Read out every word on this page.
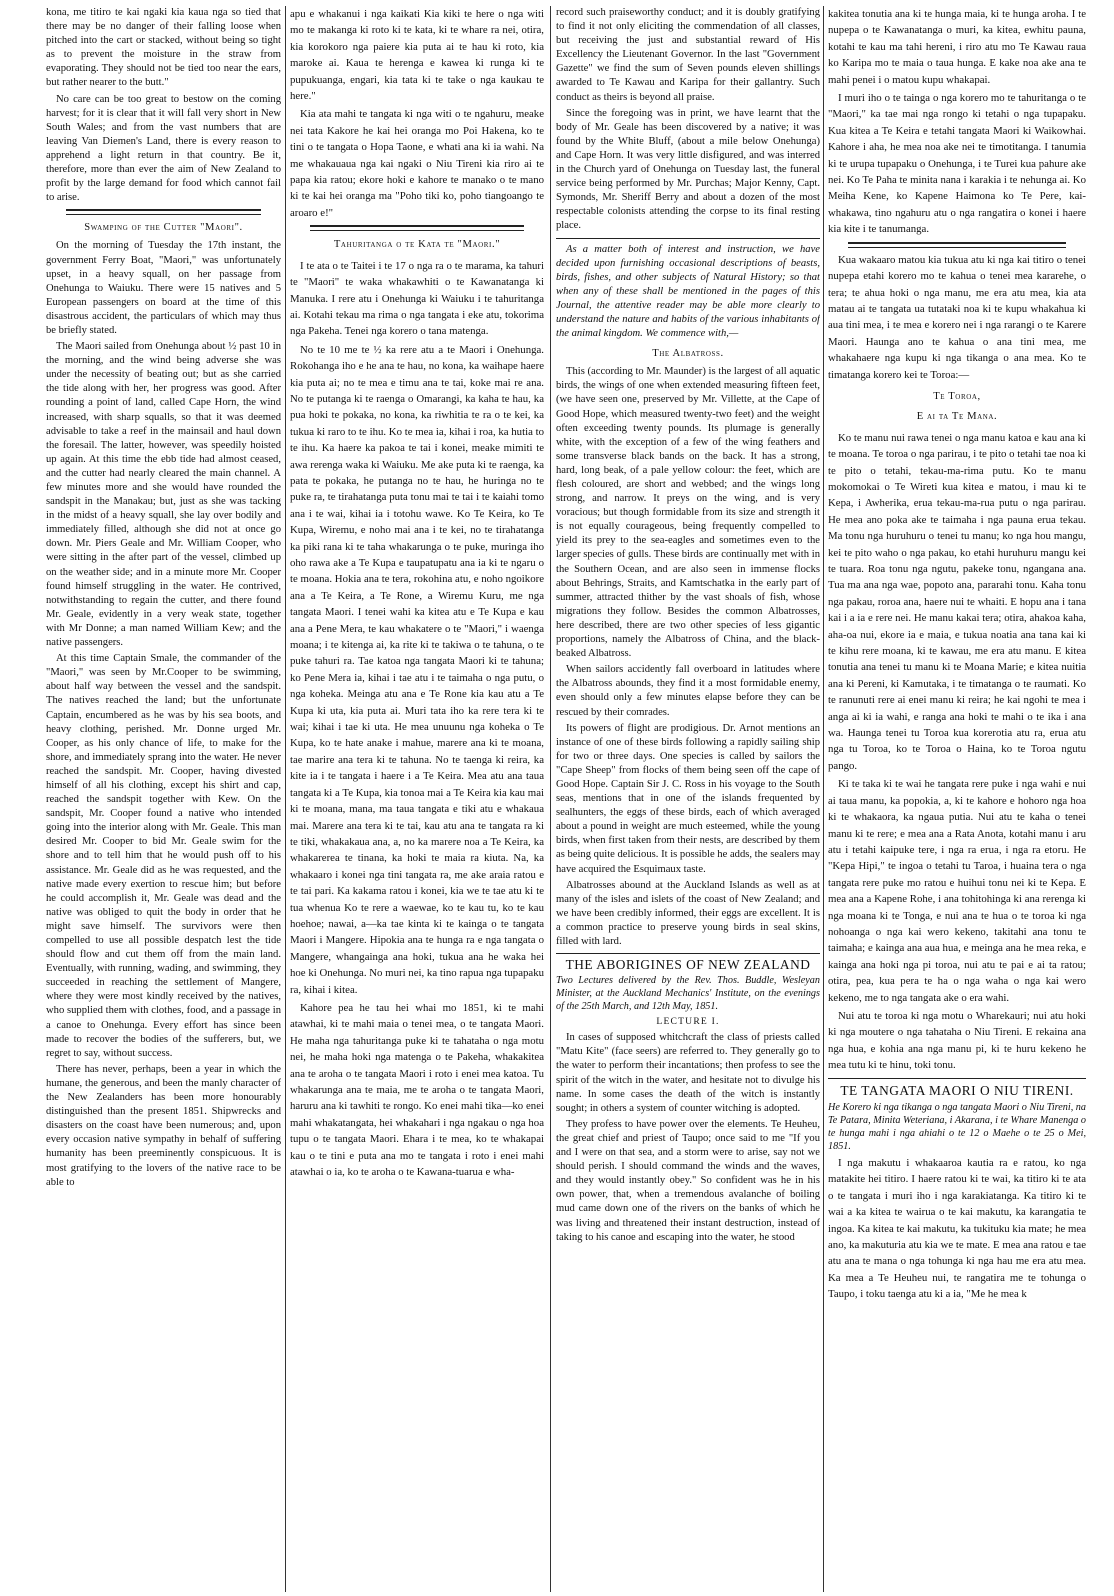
kona, me titiro te kai ngaki kia kaua nga so tied that there may be no danger of their falling loose when pitched into the cart or stacked, without being so tight as to prevent the moisture in the straw from evaporating. They should not be tied too near the ears, but rather nearer to the butt."

No care can be too great to bestow on the coming harvest; for it is clear that it will fall very short in New South Wales; and from the vast numbers that are leaving Van Diemen's Land, there is every reason to apprehend a light return in that country. Be it, therefore, more than ever the aim of New Zealand to profit by the large demand for food which cannot fail to arise.

Swamping of the Cutter "Maori".

On the morning of Tuesday the 17th instant, the government Ferry Boat, "Maori," was unfortunately upset, in a heavy squall, on her passage from Onehunga to Waiuku. There were 15 natives and 5 European passengers on board at the time of this disastrous accident, the particulars of which may thus be briefly stated.

The Maori sailed from Onehunga about ½ past 10 in the morning, and the wind being adverse she was under the necessity of beating out; but as she carried the tide along with her, her progress was good. After rounding a point of land, called Cape Horn, the wind increased, with sharp squalls, so that it was deemed advisable to take a reef in the mainsail and haul down the foresail. The latter, however, was speedily hoisted up again. At this time the ebb tide had almost ceased, and the cutter had nearly cleared the main channel. A few minutes more and she would have rounded the sandspit in the Manakau; but, just as she was tacking in the midst of a heavy squall, she lay over bodily and immediately filled, although she did not at once go down. Mr. Piers Geale and Mr. William Cooper, who were sitting in the after part of the vessel, climbed up on the weather side; and in a minute more Mr. Cooper found himself struggling in the water. He contrived, notwithstanding to regain the cutter, and there found Mr. Geale, evidently in a very weak state, together with Mr Donne; a man named William Kew; and the native passengers.

At this time Captain Smale, the commander of the "Maori," was seen by Mr.Cooper to be swimming, about half way between the vessel and the sandspit. The natives reached the land; but the unfortunate Captain, encumbered as he was by his sea boots, and heavy clothing, perished. Mr. Donne urged Mr. Cooper, as his only chance of life, to make for the shore, and immediately sprang into the water. He never reached the sandspit. Mr. Cooper, having divested himself of all his clothing, except his shirt and cap, reached the sandspit together with Kew. On the sandspit, Mr. Cooper found a native who intended going into the interior along with Mr. Geale. This man desired Mr. Cooper to bid Mr. Geale swim for the shore and to tell him that he would push off to his assistance. Mr. Geale did as he was requested, and the native made every exertion to rescue him; but before he could accomplish it, Mr. Geale was dead and the native was obliged to quit the body in order that he might save himself. The survivors were then compelled to use all possible despatch lest the tide should flow and cut them off from the main land. Eventually, with running, wading, and swimming, they succeeded in reaching the settlement of Mangere, where they were most kindly received by the natives, who supplied them with clothes, food, and a passage in a canoe to Onehunga. Every effort has since been made to recover the bodies of the sufferers, but, we regret to say, without success.

There has never, perhaps, been a year in which the humane, the generous, and been the manly character of the New Zealanders has been more honourably distinguished than the present 1851. Shipwrecks and disasters on the coast have been numerous; and, upon every occasion native sympathy in behalf of suffering humanity has been preeminently conspicuous. It is most gratifying to the lovers of the native race to be able to

apu e whakanui i nga kaikati Kia kiki te here o nga witi mo te makanga ki roto ki te kata, ki te whare ra nei, otira, kia korokoro nga paiere kia puta ai te hau ki roto, kia maroke ai. Kaua te herenga e kawea ki runga ki te pupukuanga, engari, kia tata ki te take o nga kaukau te here."

Kia ata mahi te tangata ki nga witi o te ngahuru, meake nei tata Kakore he kai hei oranga mo Poi Hakena, ko te tini o te tangata o Hopa Taone, e whati ana ki ia wahi. Na me whakauaua nga kai ngaki o Niu Tireni kia riro ai te papa kia ratou; ekore hoki e kahore te manako o te mano ki te kai hei oranga ma "Poho tiki ko, poho tiangoango te aroaro e!"

Tahuritanga o te Kata te "Maori."

I te ata o te Taitei i te 17 o nga ra o te marama, ka tahuri te "Maori" te waka whakawhiti o te Kawanatanga ki Manuka. I rere atu i Onehunga ki Waiuku i te tahuritanga ai. Kotahi tekau ma rima o nga tangata i eke atu, tokorima nga Pakeha. Tenei nga korero o tana matenga.

No te 10 me te ½ ka rere atu a te Maori i Onehunga. Rokohanga iho e he ana te hau, no kona, ka waihape haere kia puta ai; no te mea e timu ana te tai, koke mai re ana. No te putanga ki te raenga o Omarangi, ka kaha te hau, ka pua hoki te pokaka, no kona, ka riwhitia te ra o te kei, ka tukua ki raro to te ihu. Ko te mea ia, kihai i roa, ka hutia to te ihu. Ka haere ka pakoa te tai i konei, meake mimiti te awa rerenga waka ki Waiuku. Me ake puta ki te raenga, ka pata te pokaka, he putanga no te hau, he huringa no te puke ra, te tirahatanga puta tonu mai te tai i te kaiahi tomo ana i te wai, kihai ia i totohu wawe. Ko Te Keira, ko Te Kupa, Wiremu, e noho mai ana i te kei, no te tirahatanga ka piki rana ki te taha whakarunga o te puke, muringa iho oho rawa ake a Te Kupa e taupatupatu ana ia ki te ngaru o te moana. Hokia ana te tera, rokohina atu, e noho ngoikore ana a Te Keira, a Te Rone, a Wiremu Kuru, me nga tangata Maori. I tenei wahi ka kitea atu e Te Kupa e kau ana a Pene Mera, te kau whakatere o te "Maori," i waenga moana; i te kitenga ai, ka rite ki te takiwa o te tahuna, o te puke tahuri ra. Tae katoa nga tangata Maori ki te tahuna; ko Pene Mera ia, kihai i tae atu i te taimaha o nga putu, o nga koheka. Meinga atu ana e Te Rone kia kau atu a Te Kupa ki uta, kia puta ai. Muri tata iho ka rere tera ki te wai; kihai i tae ki uta. He mea unuunu nga koheka o Te Kupa, ko te hate anake i mahue, marere ana ki te moana, tae marire ana tera ki te tahuna. No te taenga ki reira, ka kite ia i te tangata i haere i a Te Keira. Mea atu ana taua tangata ki a Te Kupa, kia tonoa mai a Te Keira kia kau mai ki te moana, mana, ma taua tangata e tiki atu e whakaua mai. Marere ana tera ki te tai, kau atu ana te tangata ra ki te tiki, whakakaua ana, a, no ka marere noa a Te Keira, ka whakarerea te tinana, ka hoki te maia ra kiuta. Na, ka whakaaro i konei nga tini tangata ra, me ake araia ratou e te tai pari. Ka kakama ratou i konei, kia we te tae atu ki te tua whenua Ko te rere a waewae, ko te kau tu, ko te kau hoehoe; nawai, a—ka tae kinta ki te kainga o te tangata Maori i Mangere. Hipokia ana te hunga ra e nga tangata o Mangere, whangainga ana hoki, tukua ana he waka hei hoe ki Onehunga. No muri nei, ka tino rapua nga tupapaku ra, kihai i kitea.

Kahore pea he tau hei whai mo 1851, ki te mahi atawhai, ki te mahi maia o tenei mea, o te tangata Maori. He maha nga tahuritanga puke ki te tahataha o nga motu nei, he maha hoki nga matenga o te Pakeha, whakakitea ana te aroha o te tangata Maori i roto i enei mea katoa. Tu whakarunga ana te maia, me te aroha o te tangata Maori, haruru ana ki tawhiti te rongo. Ko enei mahi tika—ko enei mahi whakatangata, hei whakahari i nga ngakau o nga hoa tupu o te tangata Maori. Ehara i te mea, ko te whakapai kau o te tini e puta ana mo te tangata i roto i enei mahi atawhai o ia, ko te aroha o te Kawana-tuarua e wha-

record such praiseworthy conduct; and it is doubly gratifying to find it not only eliciting the commendation of all classes, but receiving the just and substantial reward of His Excellency the Lieutenant Governor. In the last "Government Gazette" we find the sum of Seven pounds eleven shillings awarded to Te Kawau and Karipa for their gallantry. Such conduct as theirs is beyond all praise.

Since the foregoing was in print, we have learnt that the body of Mr. Geale has been discovered by a native; it was found by the White Bluff, (about a mile below Onehunga) and Cape Horn. It was very little disfigured, and was interred in the Church yard of Onehunga on Tuesday last, the funeral service being performed by Mr. Purchas; Major Kenny, Capt. Symonds, Mr. Sheriff Berry and about a dozen of the most respectable colonists attending the corpse to its final resting place.

As a matter both of interest and instruction, we have decided upon furnishing occasional descriptions of beasts, birds, fishes, and other subjects of Natural History; so that when any of these shall be mentioned in the pages of this Journal, the attentive reader may be able more clearly to understand the nature and habits of the various inhabitants of the animal kingdom. We commence with,—

The Albatross.

This (according to Mr. Maunder) is the largest of all aquatic birds, the wings of one when extended measuring fifteen feet, (we have seen one, preserved by Mr. Villette, at the Cape of Good Hope, which measured twenty-two feet) and the weight often exceeding twenty pounds. Its plumage is generally white, with the exception of a few of the wing feathers and some transverse black bands on the back. It has a strong, hard, long beak, of a pale yellow colour: the feet, which are flesh coloured, are short and webbed; and the wings long strong, and narrow. It preys on the wing, and is very voracious; but though formidable from its size and strength it is not equally courageous, being frequently compelled to yield its prey to the sea-eagles and sometimes even to the larger species of gulls. These birds are continually met with in the Southern Ocean, and are also seen in immense flocks about Behrings, Straits, and Kamtschatka in the early part of summer, attracted thither by the vast shoals of fish, whose migrations they follow. Besides the common Albatrosses, here described, there are two other species of less gigantic proportions, namely the Albatross of China, and the black-beaked Albatross.

When sailors accidently fall overboard in latitudes where the Albatross abounds, they find it a most formidable enemy, even should only a few minutes elapse before they can be rescued by their comrades.

Its powers of flight are prodigious. Dr. Arnot mentions an instance of one of these birds following a rapidly sailing ship for two or three days. One species is called by sailors the "Cape Sheep" from flocks of them being seen off the cape of Good Hope. Captain Sir J. C. Ross in his voyage to the South seas, mentions that in one of the islands frequented by sealhunters, the eggs of these birds, each of which averaged about a pound in weight are much esteemed, while the young birds, when first taken from their nests, are described by them as being quite delicious. It is possible he adds, the sealers may have acquired the Esquimaux taste.

Albatrosses abound at the Auckland Islands as well as at many of the isles and islets of the coast of New Zealand; and we have been credibly informed, their eggs are excellent. It is a common practice to preserve young birds in seal skins, filled with lard.

THE ABORIGINES OF NEW ZEALAND

Two Lectures delivered by the Rev. Thos. Buddle, Wesleyan Minister, at the Auckland Mechanics' Institute, on the evenings of the 25th March, and 12th May, 1851.

LECTURE I.

In cases of supposed whitchcraft the class of priests called "Matu Kite" (face seers) are referred to. They generally go to the water to perform their incantations; then profess to see the spirit of the witch in the water, and hesitate not to divulge his name. In some cases the death of the witch is instantly sought; in others a system of counter witching is adopted.

They profess to have power over the elements. Te Heuheu, the great chief and priest of Taupo; once said to me "If you and I were on that sea, and a storm were to arise, say not we should perish. I should command the winds and the waves, and they would instantly obey." So confident was he in his own power, that, when a tremendous avalanche of boiling mud came down one of the rivers on the banks of which he was living and threatened their instant destruction, instead of taking to his canoe and escaping into the water, he stood

kakitea tonutia ana ki te hunga maia, ki te hunga aroha. I te nupepa o te Kawanatanga o muri, ka kitea, ewhitu pauna, kotahi te kau ma tahi hereni, i riro atu mo Te Kawau raua ko Karipa mo te maia o taua hunga. E kake noa ake ana te mahi penei i o matou kupu whakapai.

I muri iho o te tainga o nga korero mo te tahuritanga o te "Maori," ka tae mai nga rongo ki tetahi o nga tupapaku. Kua kitea a Te Keira e tetahi tangata Maori ki Waikowhai. Kahore i aha, he mea noa ake nei te timotitanga. I tanumia ki te urupa tupapaku o Onehunga, i te Turei kua pahure ake nei. Ko Te Paha te minita nana i karakia i te nehunga ai. Ko Meiha Kene, ko Kapene Haimona ko Te Pere, kai-whakawa, tino ngahuru atu o nga rangatira o konei i haere kia kite i te tanumanga.

Kua wakaaro matou kia tukua atu ki nga kai titiro o tenei nupepa etahi korero mo te kahua o tenei mea kararehe, o tera; te ahua hoki o nga manu, me era atu mea, kia ata matau ai te tangata ua tutataki noa ki te kupu whakahua ki aua tini mea, i te mea e korero nei i nga rarangi o te Karere Maori. Haunga ano te kahua o ana tini mea, me whakahaere nga kupu ki nga tikanga o ana mea. Ko te timatanga korero kei te Toroa:—

Te Toroa,
E ai ta Te Mana.

Ko te manu nui rawa tenei o nga manu katoa e kau ana ki te moana. Te toroa o nga parirau, i te pito o tetahi tae noa ki te pito o tetahi, tekau-ma-rima putu. Ko te manu mokomokai o Te Wireti kua kitea e matou, i mau ki te Kepa, i Awherika, erua tekau-ma-rua putu o nga parirau. He mea ano poka ake te taimaha i nga pauna erua tekau. Ma tonu nga huruhuru o tenei tu manu; ko nga hou mangu, kei te pito waho o nga pakau, ko etahi huruhuru mangu kei te tuara. Roa tonu nga ngutu, pakeke tonu, ngangana ana. Tua ma ana nga wae, popoto ana, pararahi tonu. Kaha tonu nga pakau, roroa ana, haere nui te whaiti. E hopu ana i tana kai i a ia e rere nei. He manu kakai tera; otira, ahakoa kaha, aha-oa nui, ekore ia e maia, e tukua noatia ana tana kai ki te kihu rere moana, ki te kawau, me era atu manu. E kitea tonutia ana tenei tu manu ki te Moana Marie; e kitea nuitia ana ki Pereni, ki Kamutaka, i te timatanga o te raumati. Ko te ranunuti rere ai enei manu ki reira; he kai ngohi te mea i anga ai ki ia wahi, e ranga ana hoki te mahi o te ika i ana wa. Haunga tenei tu Toroa kua korerotia atu ra, erua atu nga tu Toroa, ko te Toroa o Haina, ko te Toroa ngutu pango.

Ki te taka ki te wai he tangata rere puke i nga wahi e nui ai taua manu, ka popokia, a, ki te kahore e hohoro nga hoa ki te whakaora, ka ngaua putia. Nui atu te kaha o tenei manu ki te rere; e mea ana a Rata Anota, kotahi manu i aru atu i tetahi kaipuke tere, i nga ra erua, i nga ra etoru. He "Kepa Hipi," te ingoa o tetahi tu Taroa, i huaina tera o nga tangata rere puke mo ratou e huihui tonu nei ki te Kepa. E mea ana a Kapene Rohe, i ana tohitohinga ki ana rerenga ki nga moana ki te Tonga, e nui ana te hua o te toroa ki nga nohoanga o nga kai wero kekeno, takitahi ana tonu te taimaha; e kainga ana aua hua, e meinga ana he mea reka, e kainga ana hoki nga pi toroa, nui atu te pai e ai ta ratou; otira, pea, kua pera te ha o nga waha o nga kai wero kekeno, me to nga tangata ake o era wahi.

Nui atu te toroa ki nga motu o Wharekauri; nui atu hoki ki nga moutere o nga tahataha o Niu Tireni. E rekaina ana nga hua, e kohia ana nga manu pi, ki te huru kekeno he mea tutu ki te hinu, toki tonu.

TE TANGATA MAORI O NIU TIRENI.

He Korero ki nga tikanga o nga tangata Maori o Niu Tireni, na Te Patara, Minita Weteriana, i Akarana, i te Whare Manenga o te hunga mahi i nga ahiahi o te 12 o Maehe o te 25 o Mei, 1851.

I nga makutu i whakaaroa kautia ra e ratou, ko nga matakite hei titiro. I haere ratou ki te wai, ka titiro ki te ata o te tangata i muri iho i nga karakiatanga. Ka titiro ki te wai a ka kitea te wairua o te kai makutu, ka karangatia te ingoa. Ka kitea te kai makutu, ka tukituku kia mate; he mea ano, ka makuturia atu kia we te mate. E mea ana ratou e tae atu ana te mana o nga tohunga ki nga hau me era atu mea. Ka mea a Te Heuheu nui, te rangatira me te tohunga o Taupo, i toku taenga atu ki a ia, "Me he mea k
